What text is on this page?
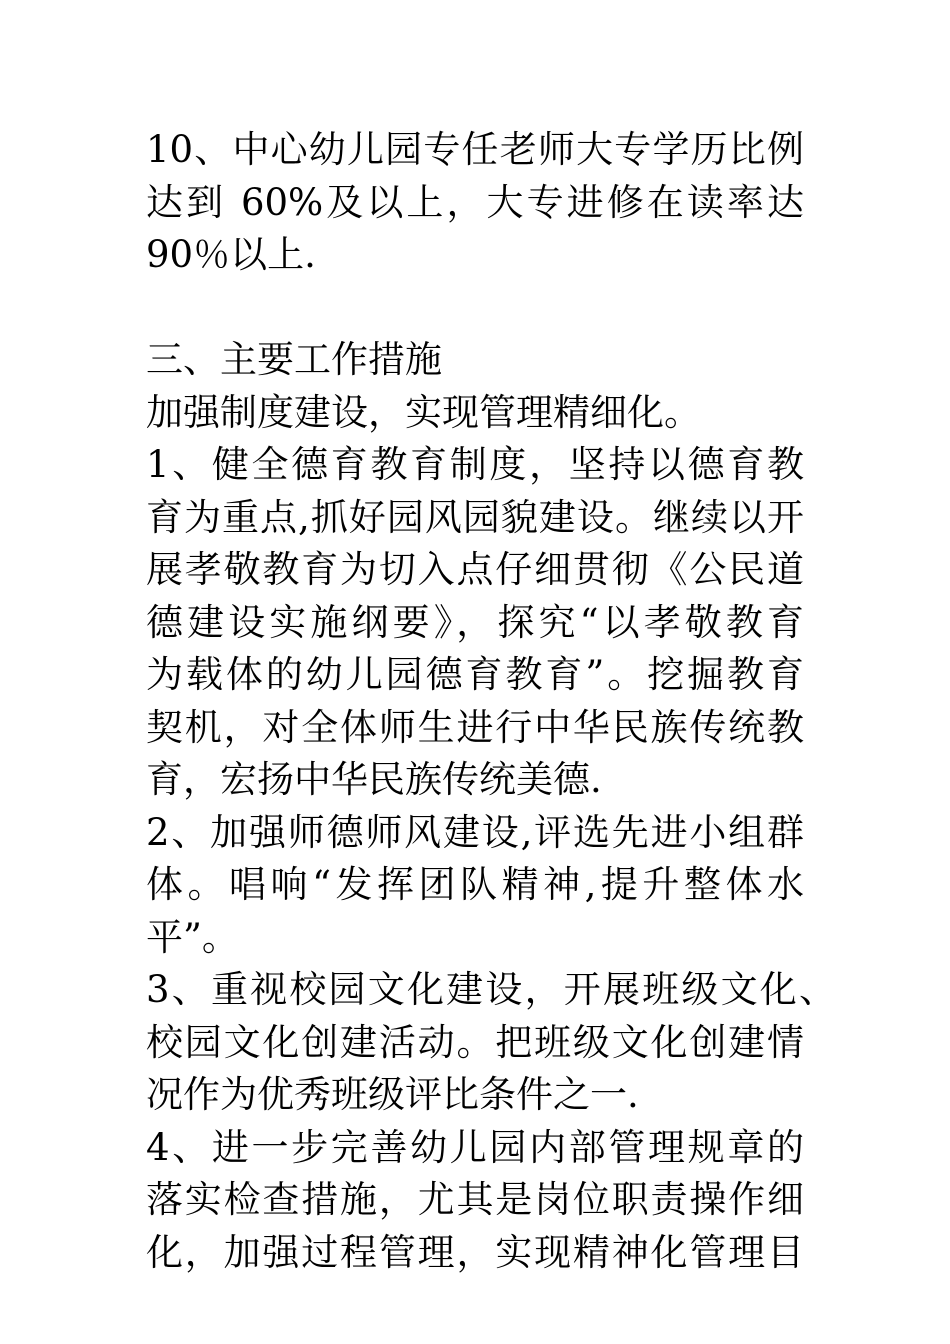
10、中心幼儿园专任老师大专学历比例
达到 60%及以上，大专进修在读率达
90％以上.
三、主要工作措施
加强制度建设，实现管理精细化。
1、健全德育教育制度，坚持以德育教
育为重点,抓好园风园貌建设。继续以开
展孝敬教育为切入点仔细贯彻《公民道
德建设实施纲要》，探究“以孝敬教育
为载体的幼儿园德育教育”。挖掘教育
契机，对全体师生进行中华民族传统教
育，宏扬中华民族传统美德.
2、加强师德师风建设,评选先进小组群
体。唱响“发挥团队精神,提升整体水
平”。
3、重视校园文化建设，开展班级文化、
校园文化创建活动。把班级文化创建情
况作为优秀班级评比条件之一.
4、进一步完善幼儿园内部管理规章的
落实检查措施，尤其是岗位职责操作细
化，加强过程管理，实现精神化管理目
